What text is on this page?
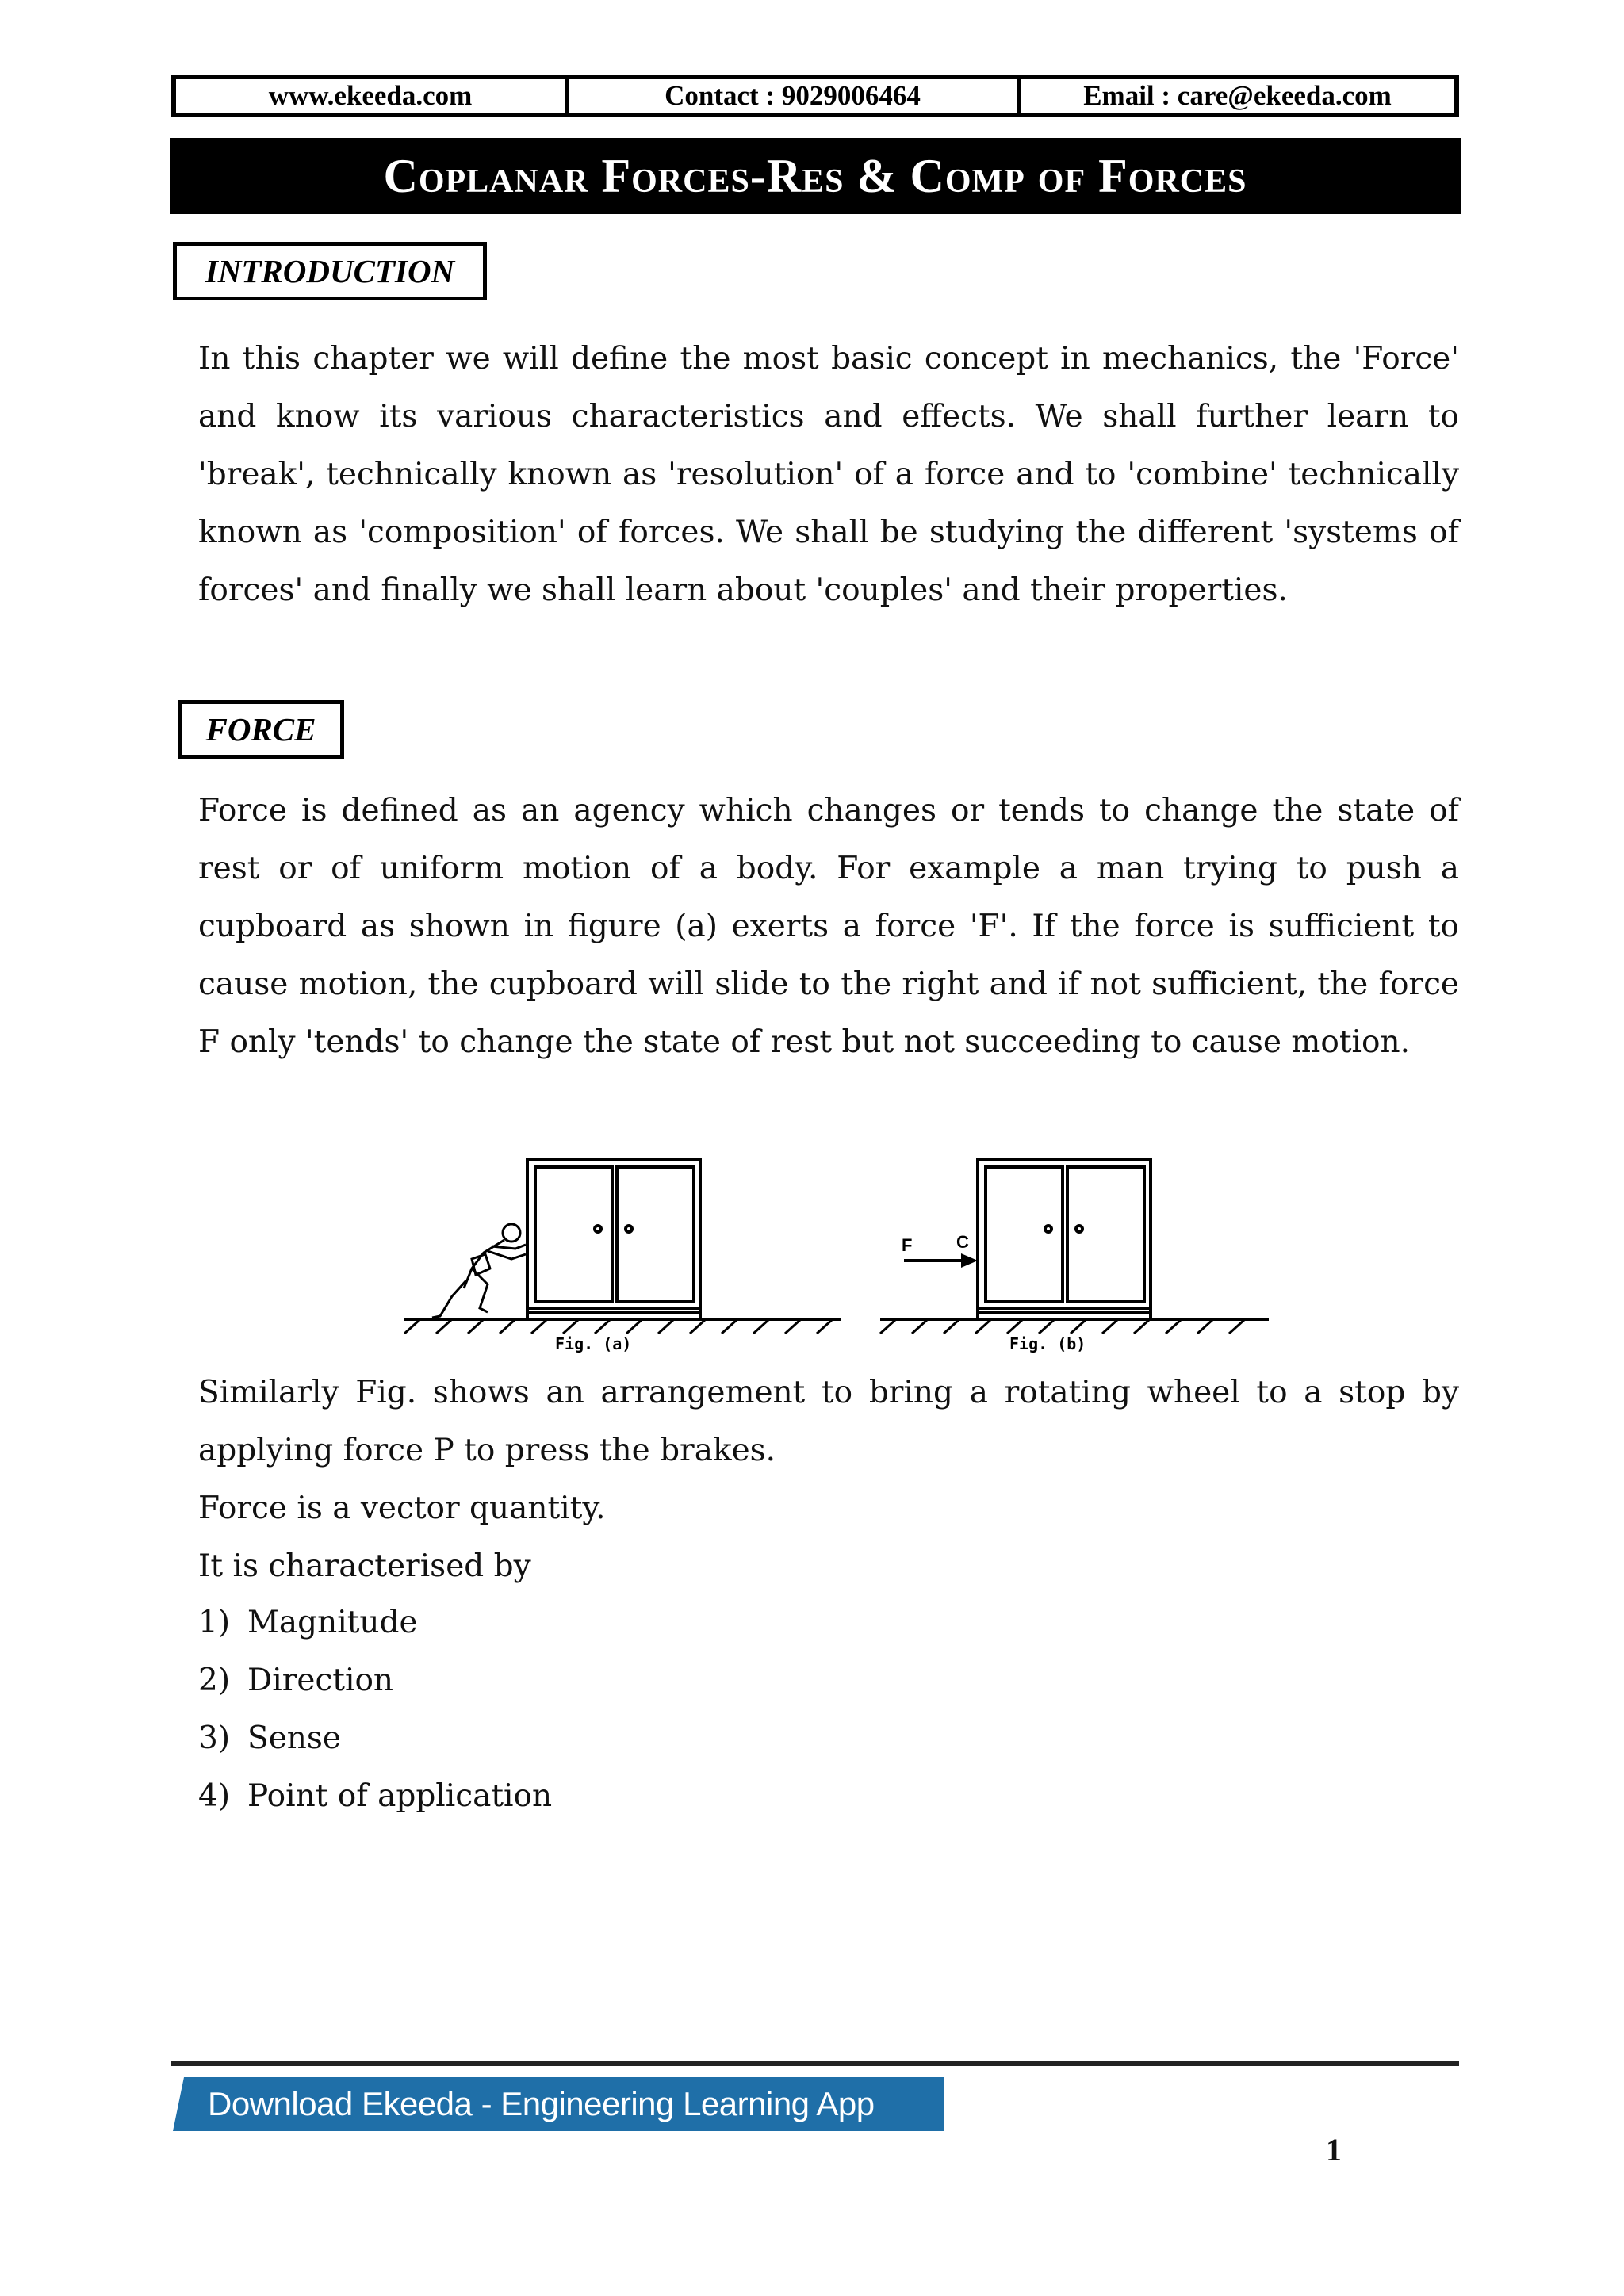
www.ekeeda.com	Contact : 9029006464	Email : care@ekeeda.com
Coplanar Forces-Res & Comp of Forces
INTRODUCTION

In this chapter we will define the most basic concept in mechanics, the 'Force' and know its various characteristics and effects. We shall further learn to 'break', technically known as 'resolution' of a force and to 'combine' technically known as 'composition' of forces. We shall be studying the different 'systems of forces' and finally we shall learn about 'couples' and their properties.

FORCE

Force is defined as an agency which changes or tends to change the state of rest or of uniform motion of a body. For example a man trying to push a cupboard as shown in figure (a) exerts a force 'F'. If the force is sufficient to cause motion, the cupboard will slide to the right and if not sufficient, the force F only 'tends' to change the state of rest but not succeeding to cause motion.

F	C
Fig. (a)	Fig. (b)

Similarly Fig. shows an arrangement to bring a rotating wheel to a stop by applying force P to press the brakes.

Force is a vector quantity.

It is characterised by

1) Magnitude
2) Direction
3) Sense
4) Point of application
Download Ekeeda - Engineering Learning App
1
